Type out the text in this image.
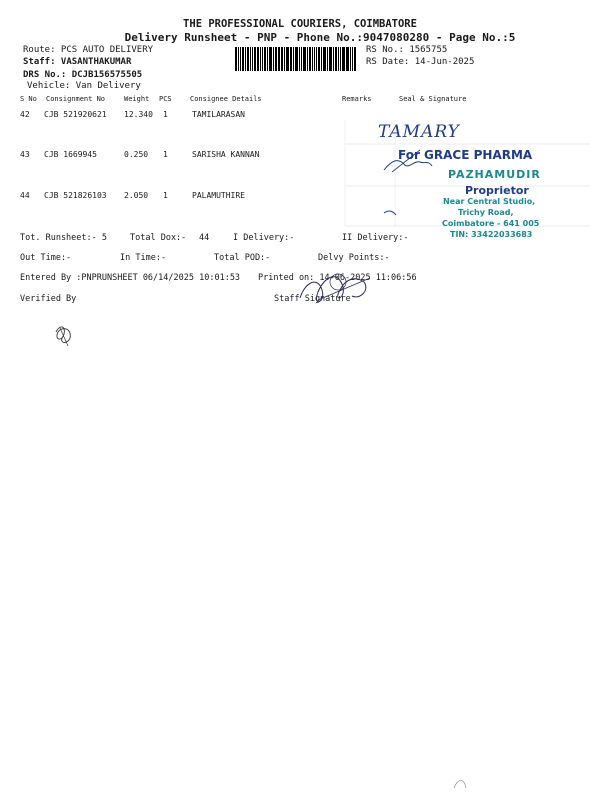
THE PROFESSIONAL COURIERS, COIMBATORE
Delivery Runsheet - PNP - Phone No.:9047080280 - Page No.:5
Route: PCS AUTO DELIVERY
Staff: VASANTHAKUMAR
DRS No.: DCJB156575505
Vehicle: Van Delivery
RS No.: 1565755
RS Date: 14-Jun-2025
S No Consignment No	Weight PCS	Consignee Details	Remarks	Seal & Signature
42 CJB 521920621 12.340 1	TAMILARASAN
43 CJB 1669945	0.250 1	SARISHA KANNAN
44 CJB 521826103 2.050 1	PALAMUTHIRE
TAMARY
For GRACE PHARMA
PAZHAMUDIR
Proprietor
Near Central Studio,
Trichy Road,
Coimbatore - 641 005
TIN: 33422033683
Tot. Runsheet:- 5	Total Dox:- 44	I Delivery:-	II Delivery:-
Out Time:-	In Time:-	Total POD:-	Delvy Points:-
Entered By :PNPRUNSHEET 06/14/2025 10:01:53 Printed on: 14-06-2025 11:06:56
Verified By	Staff Signature
